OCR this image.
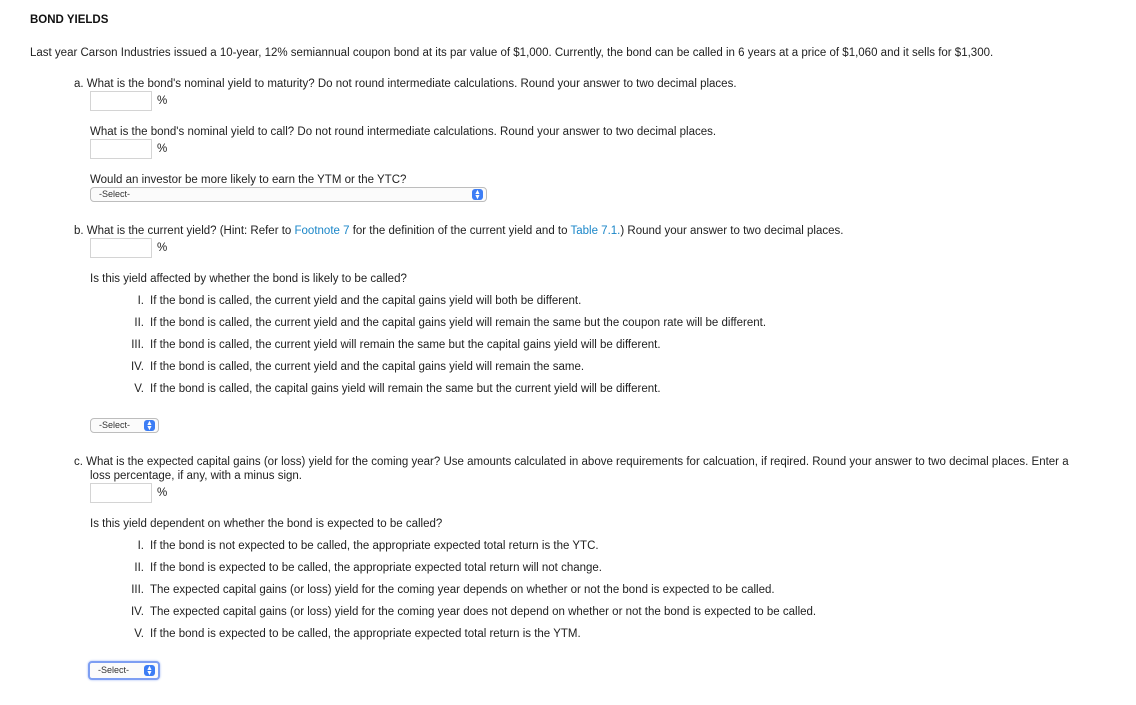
BOND YIELDS
Last year Carson Industries issued a 10-year, 12% semiannual coupon bond at its par value of $1,000. Currently, the bond can be called in 6 years at a price of $1,060 and it sells for $1,300.
a. What is the bond's nominal yield to maturity? Do not round intermediate calculations. Round your answer to two decimal places.
%
What is the bond's nominal yield to call? Do not round intermediate calculations. Round your answer to two decimal places.
%
Would an investor be more likely to earn the YTM or the YTC?
-Select-	▲
▼
b. What is the current yield? (Hint: Refer to Footnote 7 for the definition of the current yield and to Table 7.1.) Round your answer to two decimal places.
%
Is this yield affected by whether the bond is likely to be called?
I. If the bond is called, the current yield and the capital gains yield will both be different.
II. If the bond is called, the current yield and the capital gains yield will remain the same but the coupon rate will be different.
III. If the bond is called, the current yield will remain the same but the capital gains yield will be different.
IV. If the bond is called, the current yield and the capital gains yield will remain the same.
V. If the bond is called, the capital gains yield will remain the same but the current yield will be different.
-Select- ▲
▼
c. What is the expected capital gains (or loss) yield for the coming year? Use amounts calculated in above requirements for calcuation, if reqired. Round your answer to two decimal places. Enter a
loss percentage, if any, with a minus sign.
%
Is this yield dependent on whether the bond is expected to be called?
I. If the bond is not expected to be called, the appropriate expected total return is the YTC.
II. If the bond is expected to be called, the appropriate expected total return will not change.
III. The expected capital gains (or loss) yield for the coming year depends on whether or not the bond is expected to be called.
IV. The expected capital gains (or loss) yield for the coming year does not depend on whether or not the bond is expected to be called.
V. If the bond is expected to be called, the appropriate expected total return is the YTM.
-Select- ▲
▼
